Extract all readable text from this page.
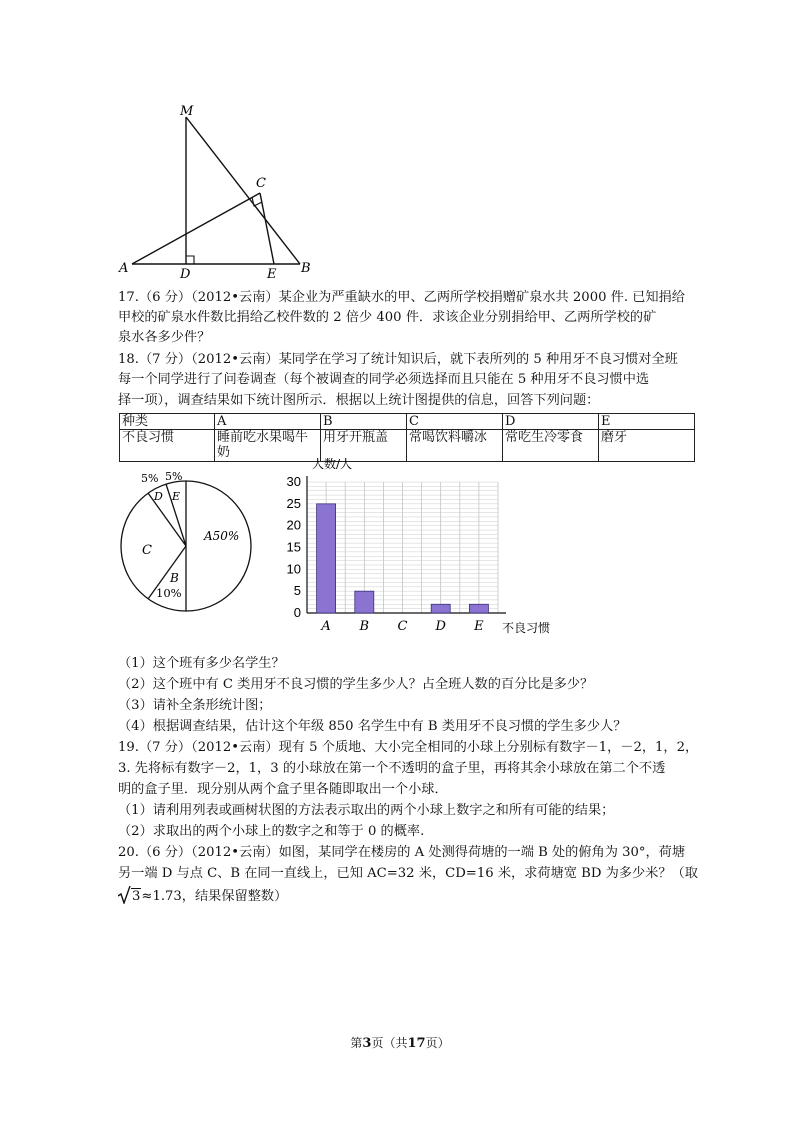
M
C
A	D	E B
17.（6 分）（2012•云南）某企业为严重缺水的甲、乙两所学校捐赠矿泉水共 2000 件. 已知捐给
甲校的矿泉水件数比捐给乙校件数的 2 倍少 400 件．求该企业分别捐给甲、乙两所学校的矿
泉水各多少件？
18.（7 分）（2012•云南）某同学在学习了统计知识后，就下表所列的 5 种用牙不良习惯对全班
每一个同学进行了问卷调查（每个被调查的同学必须选择而且只能在 5 种用牙不良习惯中选
择一项），调查结果如下统计图所示．根据以上统计图提供的信息，回答下列问题：
种类	A	B	C	D	E
不良习惯	睡前吃水果喝牛奶	用牙开瓶盖	常喝饮料嚼冰	常吃生冷零食	磨牙
A50%
C
B
10%
D E
5% 5%
0
5
10
15
20
25
30
A B C D E
人数/人
不良习惯
（1）这个班有多少名学生？
（2）这个班中有 C 类用牙不良习惯的学生多少人？占全班人数的百分比是多少？
（3）请补全条形统计图；
（4）根据调查结果，估计这个年级 850 名学生中有 B 类用牙不良习惯的学生多少人？
19.（7 分）（2012•云南）现有 5 个质地、大小完全相同的小球上分别标有数字－1，－2，1，2，
3. 先将标有数字－2，1，3 的小球放在第一个不透明的盒子里，再将其余小球放在第二个不透
明的盒子里．现分别从两个盒子里各随即取出一个小球．
（1）请利用列表或画树状图的方法表示取出的两个小球上数字之和所有可能的结果；
（2）求取出的两个小球上的数字之和等于 0 的概率.
20.（6 分）（2012•云南）如图，某同学在楼房的 A 处测得荷塘的一端 B 处的俯角为 30°，荷塘
另一端 D 与点 C、B 在同一直线上，已知 AC=32 米，CD=16 米，求荷塘宽 BD 为多少米？（取
3≈1.73，结果保留整数）
第3页（共17页）
